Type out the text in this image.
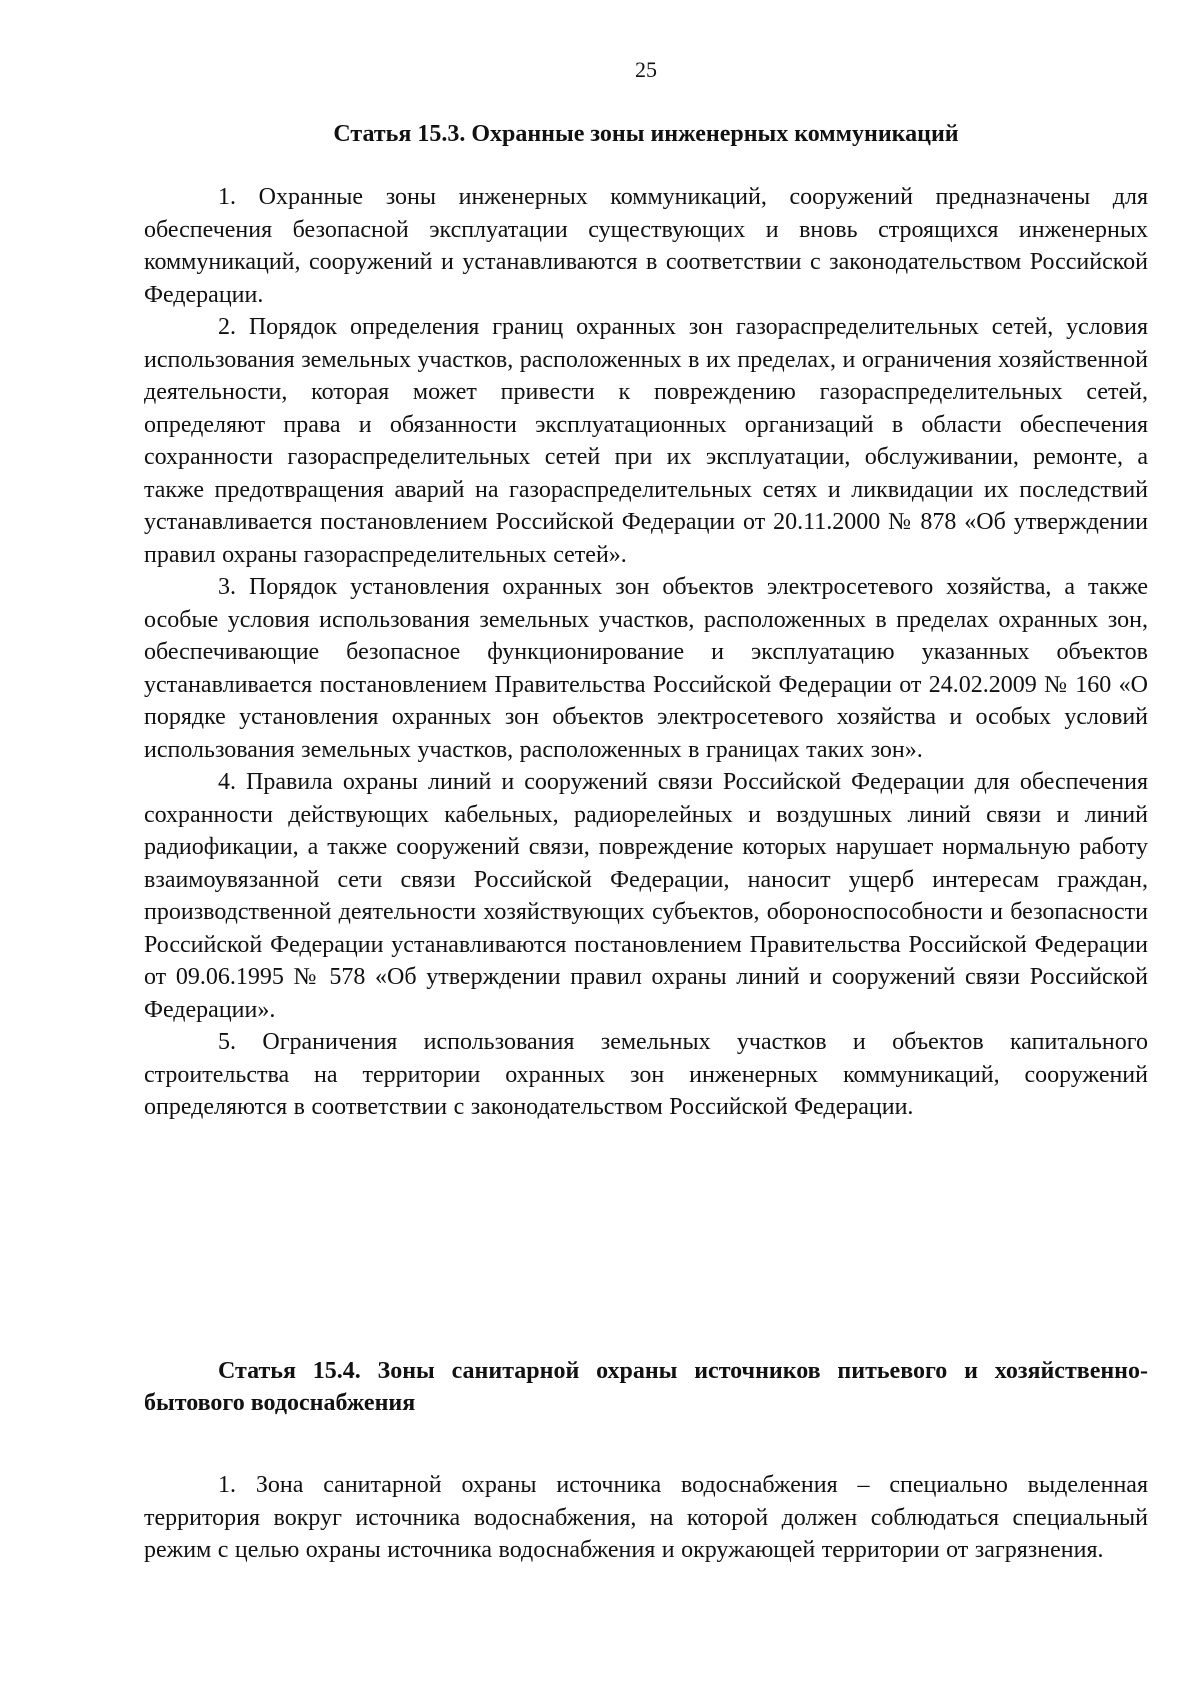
25
Статья 15.3. Охранные зоны инженерных коммуникаций

1. Охранные зоны инженерных коммуникаций, сооружений предназначены для обеспечения безопасной эксплуатации существующих и вновь строящихся инженерных коммуникаций, сооружений и устанавливаются в соответствии с законодательством Российской Федерации.

2. Порядок определения границ охранных зон газораспределительных сетей, условия использования земельных участков, расположенных в их пределах, и ограничения хозяйственной деятельности, которая может привести к повреждению газораспределительных сетей, определяют права и обязанности эксплуатационных организаций в области обеспечения сохранности газораспределительных сетей при их эксплуатации, обслуживании, ремонте, а также предотвращения аварий на газораспределительных сетях и ликвидации их последствий устанавливается постановлением Российской Федерации от 20.11.2000 № 878 «Об утверждении правил охраны газораспределительных сетей».

3. Порядок установления охранных зон объектов электросетевого хозяйства, а также особые условия использования земельных участков, расположенных в пределах охранных зон, обеспечивающие безопасное функционирование и эксплуатацию указанных объектов устанавливается постановлением Правительства Российской Федерации от 24.02.2009 № 160 «О порядке установления охранных зон объектов электросетевого хозяйства и особых условий использования земельных участков, расположенных в границах таких зон».

4. Правила охраны линий и сооружений связи Российской Федерации для обеспечения сохранности действующих кабельных, радиорелейных и воздушных линий связи и линий радиофикации, а также сооружений связи, повреждение которых нарушает нормальную работу взаимоувязанной сети связи Российской Федерации, наносит ущерб интересам граждан, производственной деятельности хозяйствующих субъектов, обороноспособности и безопасности Российской Федерации устанавливаются постановлением Правительства Российской Федерации от 09.06.1995 № 578 «Об утверждении правил охраны линий и сооружений связи Российской Федерации».

5. Ограничения использования земельных участков и объектов капитального строительства на территории охранных зон инженерных коммуникаций, сооружений определяются в соответствии с законодательством Российской Федерации.

Статья 15.4. Зоны санитарной охраны источников питьевого и хозяйственно-бытового водоснабжения

1. Зона санитарной охраны источника водоснабжения – специально выделенная территория вокруг источника водоснабжения, на которой должен соблюдаться специальный режим с целью охраны источника водоснабжения и окружающей территории от загрязнения.
